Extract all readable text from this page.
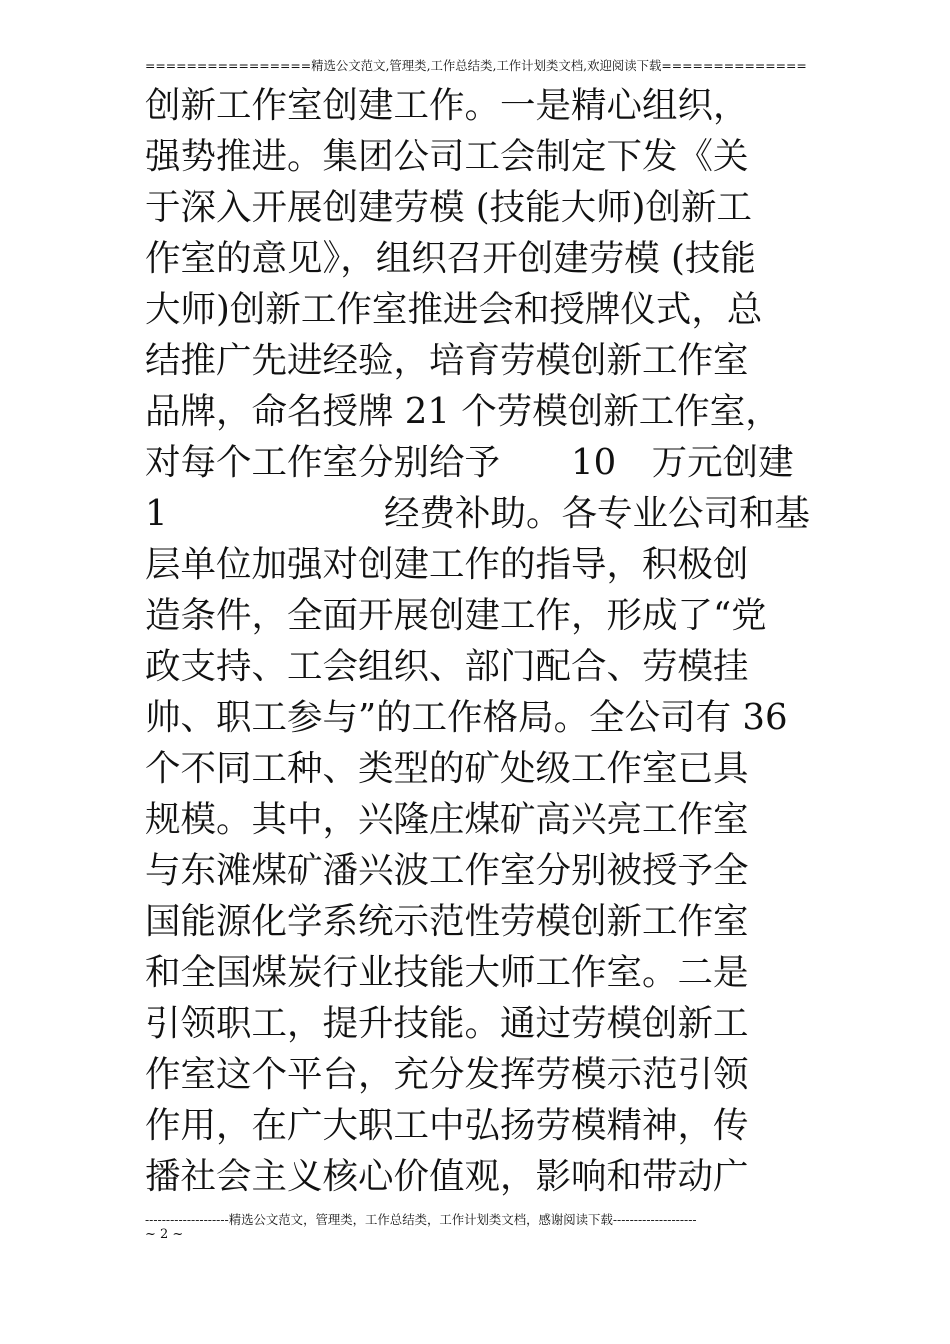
================精选公文范文,管理类,工作总结类,工作计划类文档,欢迎阅读下载==============
创新工作室创建工作。一是精心组织，
强势推进。集团公司工会制定下发《关
于深入开展创建劳模 (技能大师)创新工
作室的意见》，组织召开创建劳模 (技能
大师)创新工作室推进会和授牌仪式，总
结推广先进经验，培育劳模创新工作室
品牌，命名授牌 21 个劳模创新工作室，
对每个工作室分别给予　　10　万元创建
1	经费补助。各专业公司和基
层单位加强对创建工作的指导，积极创
造条件，全面开展创建工作，形成了“党
政支持、工会组织、部门配合、劳模挂
帅、职工参与”的工作格局。全公司有 36
个不同工种、类型的矿处级工作室已具
规模。其中，兴隆庄煤矿高兴亮工作室
与东滩煤矿潘兴波工作室分别被授予全
国能源化学系统示范性劳模创新工作室
和全国煤炭行业技能大师工作室。二是
引领职工，提升技能。通过劳模创新工
作室这个平台，充分发挥劳模示范引领
作用，在广大职工中弘扬劳模精神，传
播社会主义核心价值观，影响和带动广
--------------------精选公文范文，管理类，工作总结类，工作计划类文档，感谢阅读下载--------------------
~ 2 ~
